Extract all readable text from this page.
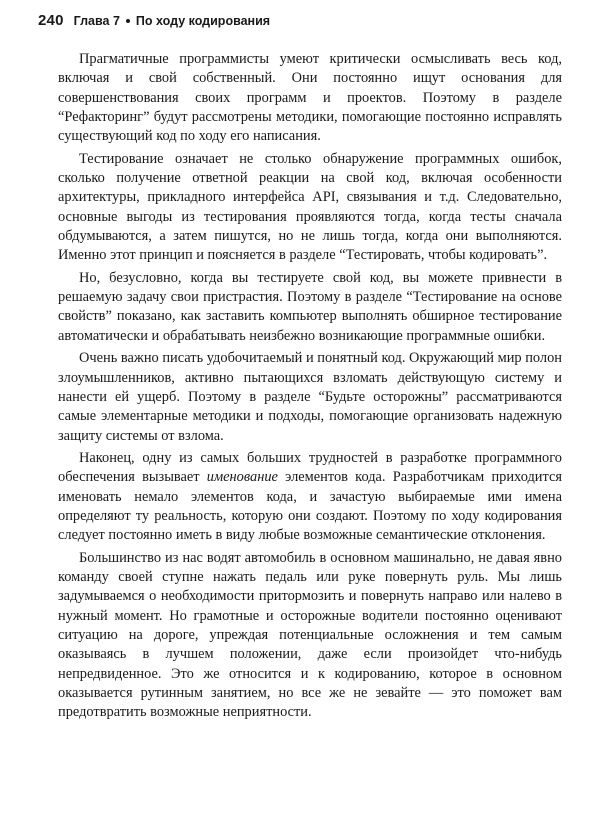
240 Глава 7 По ходу кодирования

Прагматичные программисты умеют критически осмысливать весь код, включая и свой собственный. Они постоянно ищут основания для совершенствования своих программ и проектов. Поэтому в разделе “Рефакторинг” будут рассмотрены методики, помогающие постоянно исправлять существующий код по ходу его написания.

Тестирование означает не столько обнаружение программных ошибок, сколько получение ответной реакции на свой код, включая особенности архитектуры, прикладного интерфейса API, связывания и т.д. Следовательно, основные выгоды из тестирования проявляются тогда, когда тесты сначала обдумываются, а затем пишутся, но не лишь тогда, когда они выполняются. Именно этот принцип и поясняется в разделе “Тестировать, чтобы кодировать”.

Но, безусловно, когда вы тестируете свой код, вы можете привнести в решаемую задачу свои пристрастия. Поэтому в разделе “Тестирование на основе свойств” показано, как заставить компьютер выполнять обширное тестирование автоматически и обрабатывать неизбежно возникающие программные ошибки.

Очень важно писать удобочитаемый и понятный код. Окружающий мир полон злоумышленников, активно пытающихся взломать действующую систему и нанести ей ущерб. Поэтому в разделе “Будьте осторожны” рассматриваются самые элементарные методики и подходы, помогающие организовать надежную защиту системы от взлома.

Наконец, одну из самых больших трудностей в разработке программного обеспечения вызывает именование элементов кода. Разработчикам приходится именовать немало элементов кода, и зачастую выбираемые ими имена определяют ту реальность, которую они создают. Поэтому по ходу кодирования следует постоянно иметь в виду любые возможные семантические отклонения.

Большинство из нас водят автомобиль в основном машинально, не давая явно команду своей ступне нажать педаль или руке повернуть руль. Мы лишь задумываемся о необходимости притормозить и повернуть направо или налево в нужный момент. Но грамотные и осторожные водители постоянно оценивают ситуацию на дороге, упреждая потенциальные осложнения и тем самым оказываясь в лучшем положении, даже если произойдет что-нибудь непредвиденное. Это же относится и к кодированию, которое в основном оказывается рутинным занятием, но все же не зевайте — это поможет вам предотвратить возможные неприятности.
